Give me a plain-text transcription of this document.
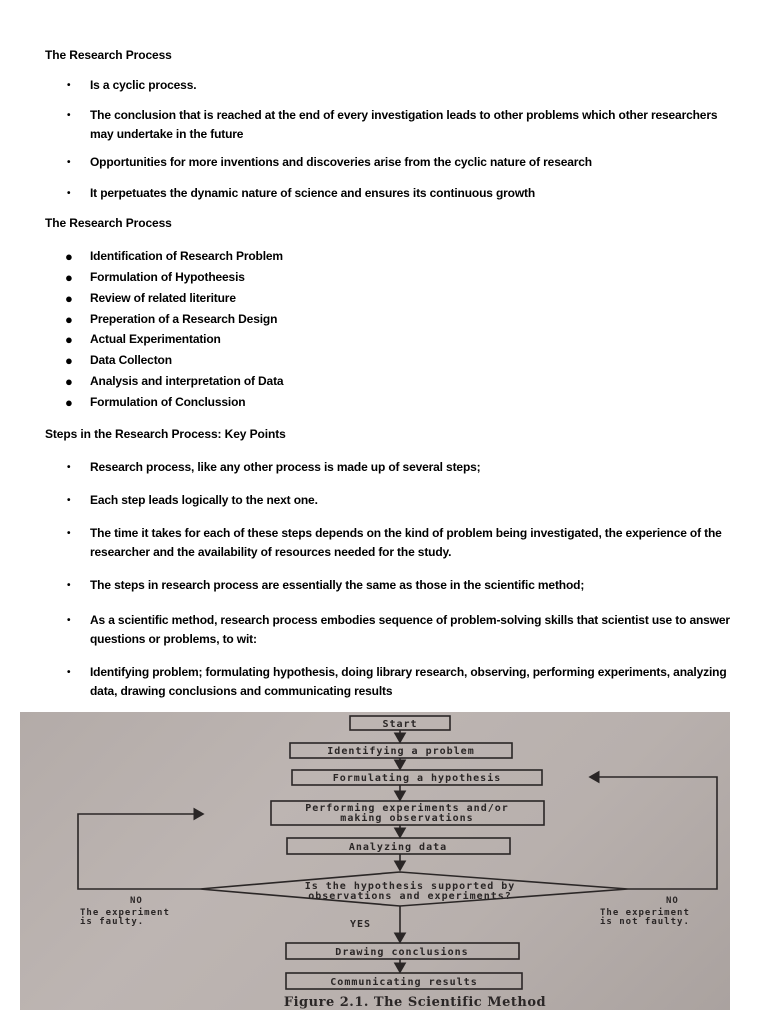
The Research Process
• Is a cyclic process.
• The conclusion that is reached at the end of every investigation leads to other problems which other researchers may undertake in the future
• Opportunities for more inventions and discoveries arise from the cyclic nature of research
• It perpetuates the dynamic nature of science and ensures its continuous growth
The Research Process
● Identification of Research Problem
● Formulation of Hypotheesis
● Review of related literiture
● Preperation of a Research Design
● Actual Experimentation
● Data Collecton
● Analysis and interpretation of Data
● Formulation of Conclussion
Steps in the Research Process: Key Points
• Research process, like any other process is made up of several steps;
• Each step leads logically to the next one.
• The time it takes for each of these steps depends on the kind of problem being investigated, the experience of the researcher and the availability of resources needed for the study.
• The steps in research process are essentially the same as those in the scientific method;
• As a scientific method, research process embodies sequence of problem-solving skills that scientist use to answer questions or problems, to wit:
• Identifying problem; formulating hypothesis, doing library research, observing, performing experiments, analyzing data, drawing conclusions and communicating results
Start
Identifying a problem
Formulating a hypothesis
Performing experiments and/or
making observations
Analyzing data
Is the hypothesis supported by
observations and experiments?
NO
The experiment
is faulty.
NO
The experiment
is not faulty.
YES
Drawing conclusions
Communicating results
Figure 2.1. The Scientific Method
